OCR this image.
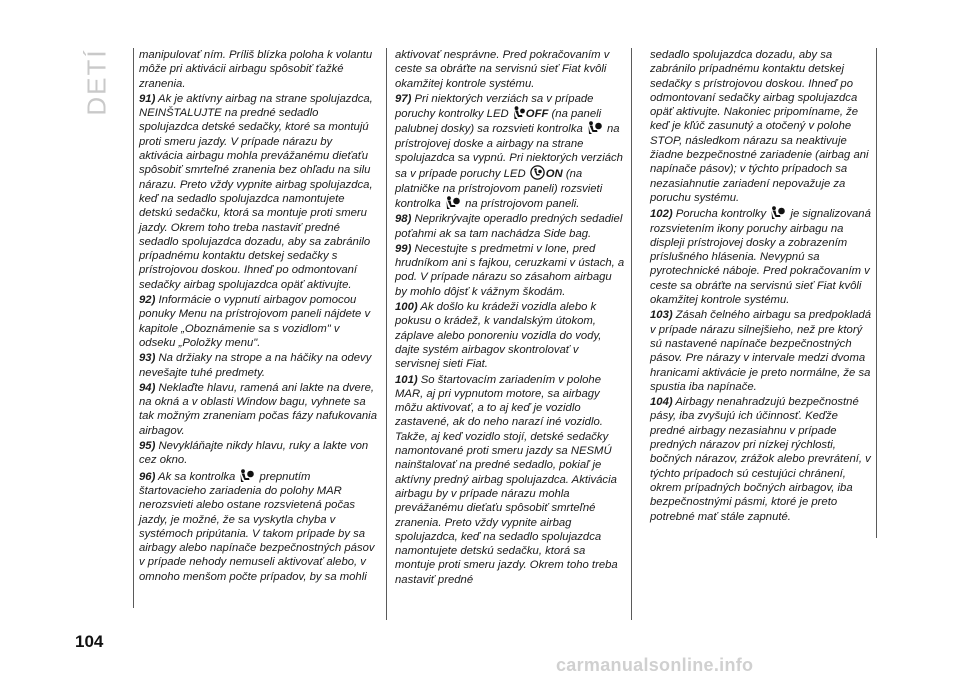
DETÍ manipulovať ním. Príliš blízka poloha k volantu môže pri aktivácii airbagu spôsobiť ťažké zranenia.

91) Ak je aktívny airbag na strane spolujazdca, NEINŠTALUJTE na predné sedadlo spolujazdca detské sedačky, ktoré sa montujú proti smeru jazdy. V prípade nárazu by aktivácia airbagu mohla prevážanému dieťaťu spôsobiť smrteľné zranenia bez ohľadu na silu nárazu. Preto vždy vypnite airbag spolujazdca, keď na sedadlo spolujazdca namontujete detskú sedačku, ktorá sa montuje proti smeru jazdy. Okrem toho treba nastaviť predné sedadlo spolujazdca dozadu, aby sa zabránilo prípadnému kontaktu detskej sedačky s prístrojovou doskou. Ihneď po odmontovaní sedačky airbag spolujazdca opäť aktivujte.

92) Informácie o vypnutí airbagov pomocou ponuky Menu na prístrojovom paneli nájdete v kapitole „Oboznámenie sa s vozidlom" v odseku „Položky menu".

93) Na držiaky na strope a na háčiky na odevy nevešajte tuhé predmety.

94) Neklaďte hlavu, ramená ani lakte na dvere, na okná a v oblasti Window bagu, vyhnete sa tak možným zraneniam počas fázy nafukovania airbagov.

95) Nevykláňajte nikdy hlavu, ruky a lakte von cez okno.

96) Ak sa kontrolka
prepnutím štartovacieho zariadenia do polohy MAR nerozsvieti alebo ostane rozsvietená počas jazdy, je možné, že sa vyskytla chyba v systémoch pripútania. V takom prípade by sa airbagy alebo napínače bezpečnostných pásov v prípade nehody nemuseli aktivovať alebo, v omnoho menšom počte prípadov, by sa mohli

aktivovať nesprávne. Pred pokračovaním v ceste sa obráťte na servisnú sieť Fiat kvôli okamžitej kontrole systému.

97) Pri niektorých verziách sa v prípade poruchy kontrolky LED
OFF (na paneli palubnej dosky) sa rozsvieti kontrolka
na prístrojovej doske a airbagy na strane spolujazdca sa vypnú. Pri niektorých verziách sa v prípade poruchy LED
ON (na platničke na prístrojovom paneli) rozsvieti kontrolka
na prístrojovom paneli.

98) Neprikrývajte operadlo predných sedadiel poťahmi ak sa tam nachádza Side bag.

99) Necestujte s predmetmi v lone, pred hrudníkom ani s fajkou, ceruzkami v ústach, a pod. V prípade nárazu so zásahom airbagu by mohlo dôjsť k vážnym škodám.

100) Ak došlo ku krádeži vozidla alebo k pokusu o krádež, k vandalským útokom, záplave alebo ponoreniu vozidla do vody, dajte systém airbagov skontrolovať v servisnej sieti Fiat.

101) So štartovacím zariadením v polohe MAR, aj pri vypnutom motore, sa airbagy môžu aktivovať, a to aj keď je vozidlo zastavené, ak do neho narazí iné vozidlo. Takže, aj keď vozidlo stojí, detské sedačky namontované proti smeru jazdy sa NESMÚ nainštalovať na predné sedadlo, pokiaľ je aktívny predný airbag spolujazdca. Aktivácia airbagu by v prípade nárazu mohla prevážanému dieťaťu spôsobiť smrteľné zranenia. Preto vždy vypnite airbag spolujazdca, keď na sedadlo spolujazdca namontujete detskú sedačku, ktorá sa montuje proti smeru jazdy. Okrem toho treba nastaviť predné

sedadlo spolujazdca dozadu, aby sa zabránilo prípadnému kontaktu detskej sedačky s prístrojovou doskou. Ihneď po odmontovaní sedačky airbag spolujazdca opäť aktivujte. Nakoniec pripomíname, že keď je kľúč zasunutý a otočený v polohe STOP, následkom nárazu sa neaktivuje žiadne bezpečnostné zariadenie (airbag ani napínače pásov); v týchto prípadoch sa nezasiahnutie zariadení nepovažuje za poruchu systému.

102) Porucha kontrolky
je signalizovaná rozsvietením ikony poruchy airbagu na displeji prístrojovej dosky a zobrazením príslušného hlásenia. Nevypnú sa pyrotechnické náboje. Pred pokračovaním v ceste sa obráťte na servisnú sieť Fiat kvôli okamžitej kontrole systému.

103) Zásah čelného airbagu sa predpokladá v prípade nárazu silnejšieho, než pre ktorý sú nastavené napínače bezpečnostných pásov. Pre nárazy v intervale medzi dvoma hranicami aktivácie je preto normálne, že sa spustia iba napínače.

104) Airbagy nenahradzujú bezpečnostné pásy, iba zvyšujú ich účinnosť. Keďže predné airbagy nezasiahnu v prípade predných nárazov pri nízkej rýchlosti, bočných nárazov, zrážok alebo prevrátení, v týchto prípadoch sú cestujúci chránení, okrem prípadných bočných airbagov, iba bezpečnostnými pásmi, ktoré je preto potrebné mať stále zapnuté.

104
carmanualsonline.info
